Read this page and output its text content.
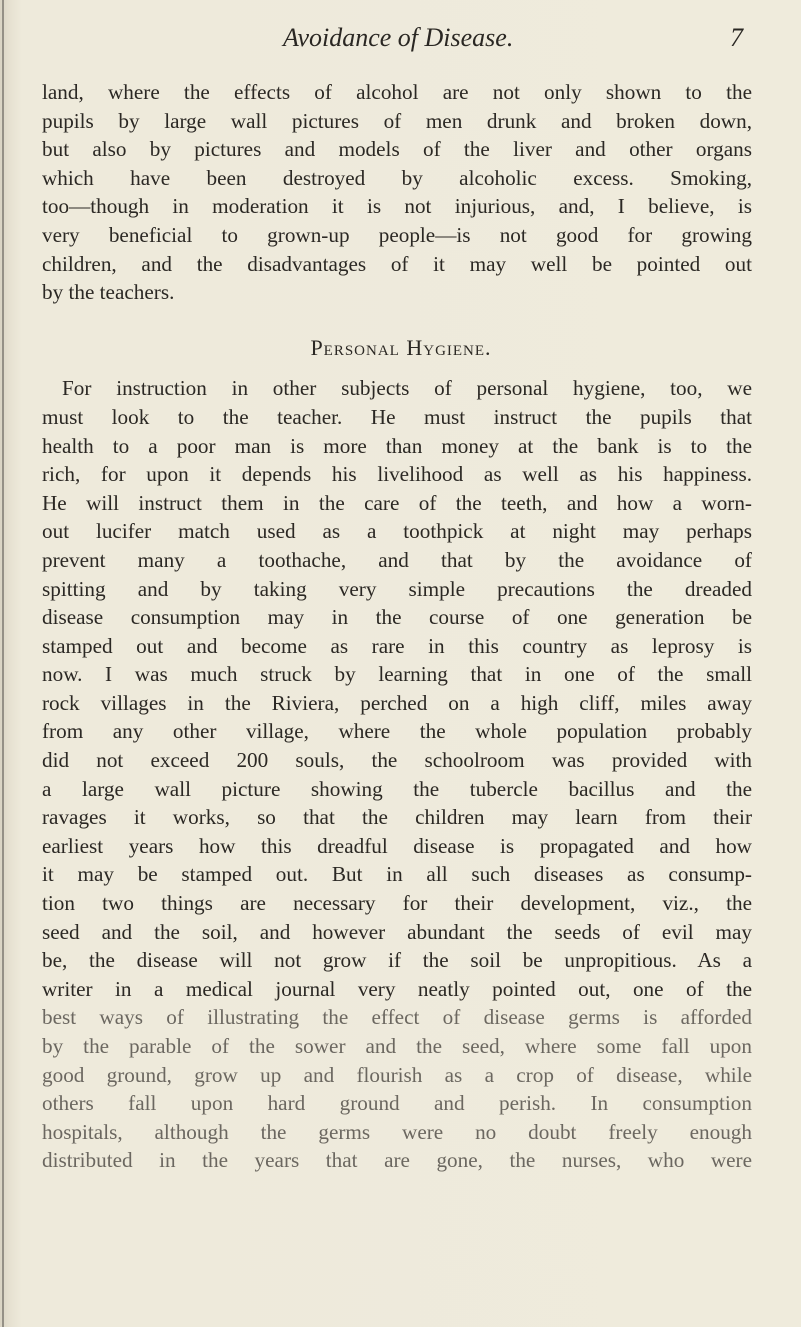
Avoidance of Disease.	7
land, where the effects of alcohol are not only shown to the
pupils by large wall pictures of men drunk and broken down,
but also by pictures and models of the liver and other organs
which have been destroyed by alcoholic excess. Smoking,
too—though in moderation it is not injurious, and, I believe, is
very beneficial to grown-up people—is not good for growing
children, and the disadvantages of it may well be pointed out
by the teachers.
Personal Hygiene.
For instruction in other subjects of personal hygiene, too, we
must look to the teacher. He must instruct the pupils that
health to a poor man is more than money at the bank is to the
rich, for upon it depends his livelihood as well as his happiness.
He will instruct them in the care of the teeth, and how a worn-
out lucifer match used as a toothpick at night may perhaps
prevent many a toothache, and that by the avoidance of
spitting and by taking very simple precautions the dreaded
disease consumption may in the course of one generation be
stamped out and become as rare in this country as leprosy is
now. I was much struck by learning that in one of the small
rock villages in the Riviera, perched on a high cliff, miles away
from any other village, where the whole population probably
did not exceed 200 souls, the schoolroom was provided with
a large wall picture showing the tubercle bacillus and the
ravages it works, so that the children may learn from their
earliest years how this dreadful disease is propagated and how
it may be stamped out. But in all such diseases as consump-
tion two things are necessary for their development, viz., the
seed and the soil, and however abundant the seeds of evil may
be, the disease will not grow if the soil be unpropitious. As a
writer in a medical journal very neatly pointed out, one of the
best ways of illustrating the effect of disease germs is afforded
by the parable of the sower and the seed, where some fall upon
good ground, grow up and flourish as a crop of disease, while
others fall upon hard ground and perish. In consumption
hospitals, although the germs were no doubt freely enough
distributed in the years that are gone, the nurses, who were
